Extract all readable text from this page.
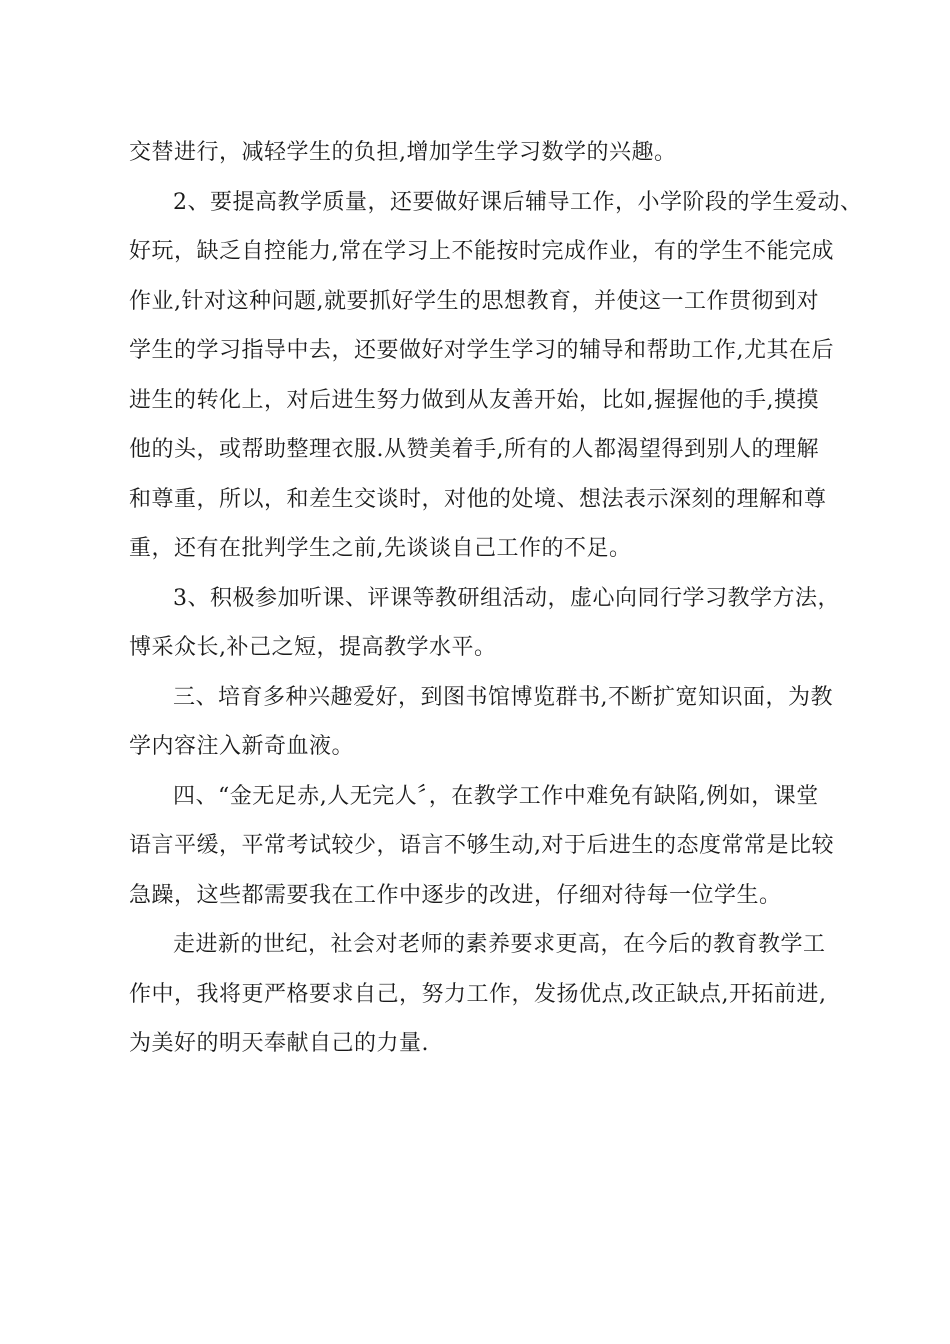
交替进行，减轻学生的负担,增加学生学习数学的兴趣。
2、要提高教学质量，还要做好课后辅导工作，小学阶段的学生爱动、
好玩，缺乏自控能力,常在学习上不能按时完成作业，有的学生不能完成
作业,针对这种问题,就要抓好学生的思想教育，并使这一工作贯彻到对
学生的学习指导中去，还要做好对学生学习的辅导和帮助工作,尤其在后
进生的转化上，对后进生努力做到从友善开始，比如,握握他的手,摸摸
他的头，或帮助整理衣服.从赞美着手,所有的人都渴望得到别人的理解
和尊重，所以，和差生交谈时，对他的处境、想法表示深刻的理解和尊
重，还有在批判学生之前,先谈谈自己工作的不足。
3、积极参加听课、评课等教研组活动，虚心向同行学习教学方法，
博采众长,补己之短，提高教学水平。
三、培育多种兴趣爱好，到图书馆博览群书,不断扩宽知识面，为教
学内容注入新奇血液。
四、“金无足赤,人无完人〞，在教学工作中难免有缺陷,例如，课堂
语言平缓，平常考试较少，语言不够生动,对于后进生的态度常常是比较
急躁，这些都需要我在工作中逐步的改进，仔细对待每一位学生。
走进新的世纪，社会对老师的素养要求更高，在今后的教育教学工
作中，我将更严格要求自己，努力工作，发扬优点,改正缺点,开拓前进,
为美好的明天奉献自己的力量.
